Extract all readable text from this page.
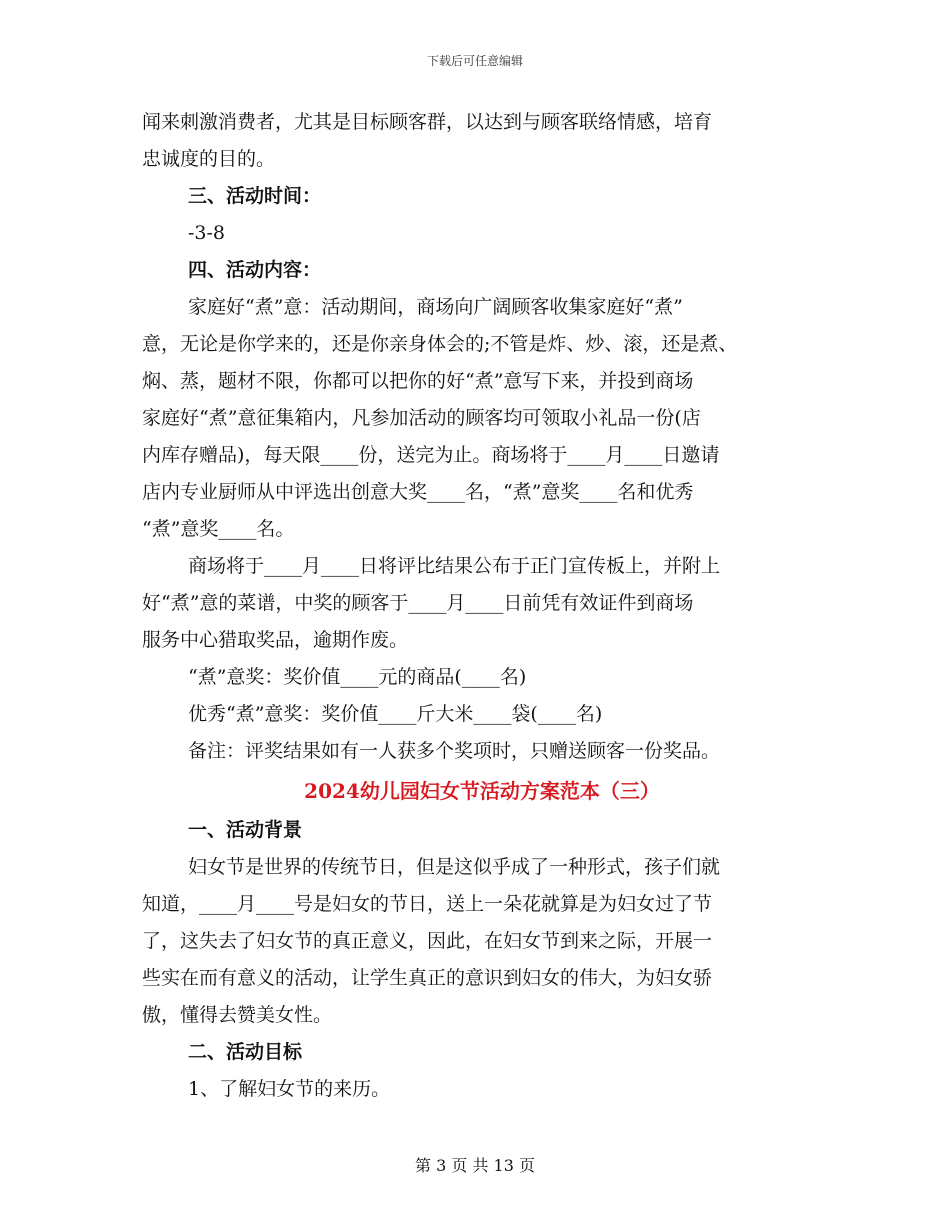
下载后可任意编辑
闻来刺激消费者，尤其是目标顾客群，以达到与顾客联络情感，培育
忠诚度的目的。
三、活动时间：
-3-8
四、活动内容：
家庭好“煮”意：活动期间，商场向广阔顾客收集家庭好“煮”
意，无论是你学来的，还是你亲身体会的;不管是炸、炒、滚，还是煮、
焖、蒸，题材不限，你都可以把你的好“煮”意写下来，并投到商场
家庭好“煮”意征集箱内，凡参加活动的顾客均可领取小礼品一份(店
内库存赠品)，每天限____份，送完为止。商场将于____月____日邀请
店内专业厨师从中评选出创意大奖____名，“煮”意奖____名和优秀
“煮”意奖____名。
商场将于____月____日将评比结果公布于正门宣传板上，并附上
好“煮”意的菜谱，中奖的顾客于____月____日前凭有效证件到商场
服务中心猎取奖品，逾期作废。
“煮”意奖：奖价值____元的商品(____名)
优秀“煮”意奖：奖价值____斤大米____袋(____名)
备注：评奖结果如有一人获多个奖项时，只赠送顾客一份奖品。
2024幼儿园妇女节活动方案范本（三）
一、活动背景
妇女节是世界的传统节日，但是这似乎成了一种形式，孩子们就
知道，____月____号是妇女的节日，送上一朵花就算是为妇女过了节
了，这失去了妇女节的真正意义，因此，在妇女节到来之际，开展一
些实在而有意义的活动，让学生真正的意识到妇女的伟大，为妇女骄
傲，懂得去赞美女性。
二、活动目标
1、了解妇女节的来历。
第 3 页 共 13 页
